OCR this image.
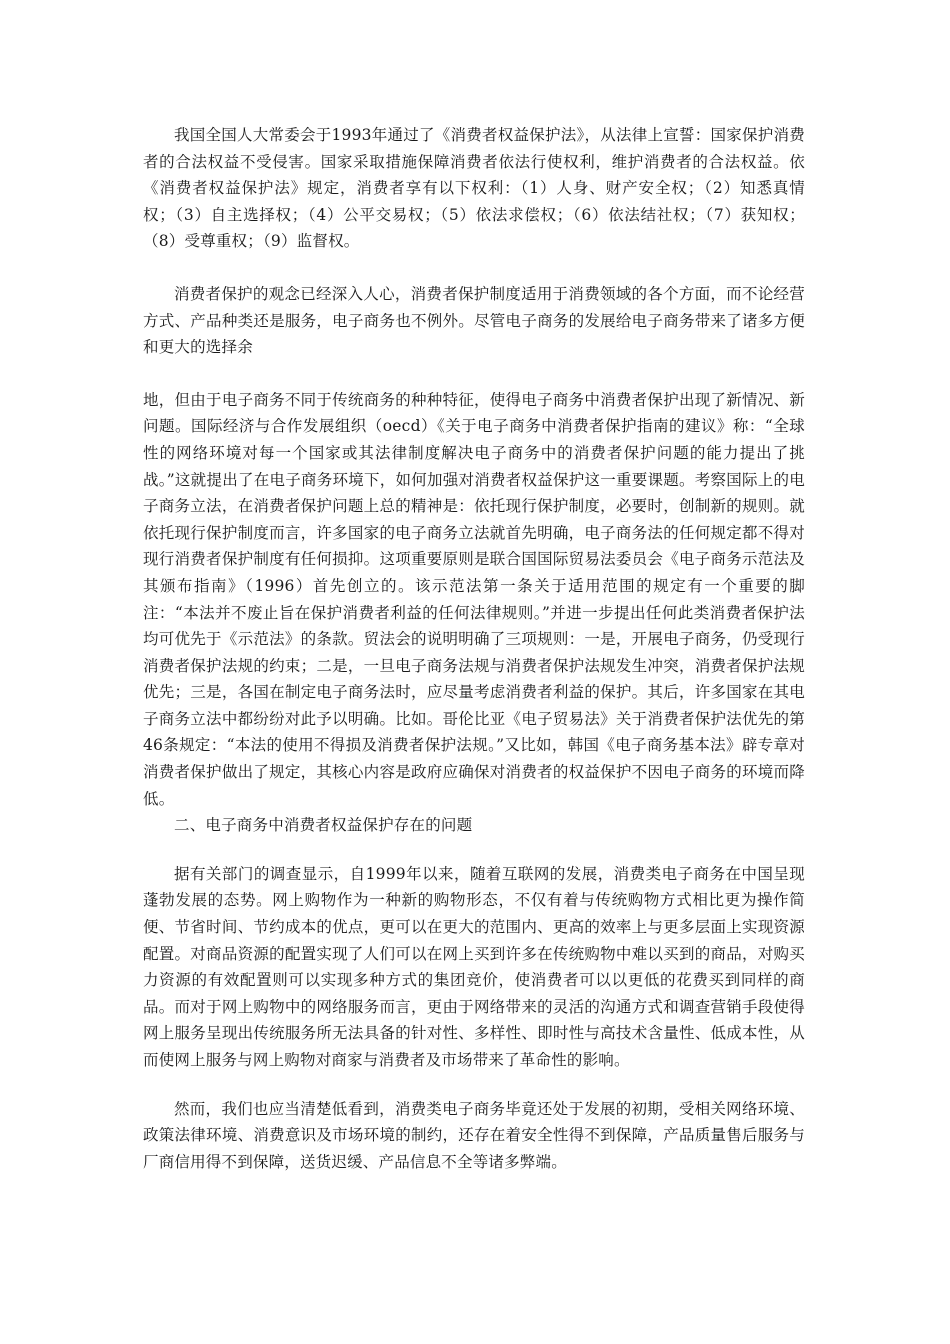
我国全国人大常委会于1993年通过了《消费者权益保护法》，从法律上宣誓：国家保护消费者的合法权益不受侵害。国家采取措施保障消费者依法行使权利，维护消费者的合法权益。依《消费者权益保护法》规定，消费者享有以下权利：（1）人身、财产安全权；（2）知悉真情权；（3）自主选择权；（4）公平交易权；（5）依法求偿权；（6）依法结社权；（7）获知权；（8）受尊重权；（9）监督权。

消费者保护的观念已经深入人心，消费者保护制度适用于消费领域的各个方面，而不论经营方式、产品种类还是服务，电子商务也不例外。尽管电子商务的发展给电子商务带来了诸多方便和更大的选择余

地，但由于电子商务不同于传统商务的种种特征，使得电子商务中消费者保护出现了新情况、新问题。国际经济与合作发展组织（oecd）《关于电子商务中消费者保护指南的建议》称：“全球性的网络环境对每一个国家或其法律制度解决电子商务中的消费者保护问题的能力提出了挑战。”这就提出了在电子商务环境下，如何加强对消费者权益保护这一重要课题。考察国际上的电子商务立法，在消费者保护问题上总的精神是：依托现行保护制度，必要时，创制新的规则。就依托现行保护制度而言，许多国家的电子商务立法就首先明确，电子商务法的任何规定都不得对现行消费者保护制度有任何损抑。这项重要原则是联合国国际贸易法委员会《电子商务示范法及其颁布指南》（1996）首先创立的。该示范法第一条关于适用范围的规定有一个重要的脚注：“本法并不废止旨在保护消费者利益的任何法律规则。”并进一步提出任何此类消费者保护法均可优先于《示范法》的条款。贸法会的说明明确了三项规则：一是，开展电子商务，仍受现行消费者保护法规的约束；二是，一旦电子商务法规与消费者保护法规发生冲突，消费者保护法规优先；三是，各国在制定电子商务法时，应尽量考虑消费者利益的保护。其后，许多国家在其电子商务立法中都纷纷对此予以明确。比如。哥伦比亚《电子贸易法》关于消费者保护法优先的第46条规定：“本法的使用不得损及消费者保护法规。”又比如，韩国《电子商务基本法》辟专章对消费者保护做出了规定，其核心内容是政府应确保对消费者的权益保护不因电子商务的环境而降低。

二、电子商务中消费者权益保护存在的问题

据有关部门的调查显示，自1999年以来，随着互联网的发展，消费类电子商务在中国呈现蓬勃发展的态势。网上购物作为一种新的购物形态，不仅有着与传统购物方式相比更为操作简便、节省时间、节约成本的优点，更可以在更大的范围内、更高的效率上与更多层面上实现资源配置。对商品资源的配置实现了人们可以在网上买到许多在传统购物中难以买到的商品，对购买力资源的有效配置则可以实现多种方式的集团竞价，使消费者可以以更低的花费买到同样的商品。而对于网上购物中的网络服务而言，更由于网络带来的灵活的沟通方式和调查营销手段使得网上服务呈现出传统服务所无法具备的针对性、多样性、即时性与高技术含量性、低成本性，从而使网上服务与网上购物对商家与消费者及市场带来了革命性的影响。

然而，我们也应当清楚低看到，消费类电子商务毕竟还处于发展的初期，受相关网络环境、政策法律环境、消费意识及市场环境的制约，还存在着安全性得不到保障，产品质量售后服务与厂商信用得不到保障，送货迟缓、产品信息不全等诸多弊端。
